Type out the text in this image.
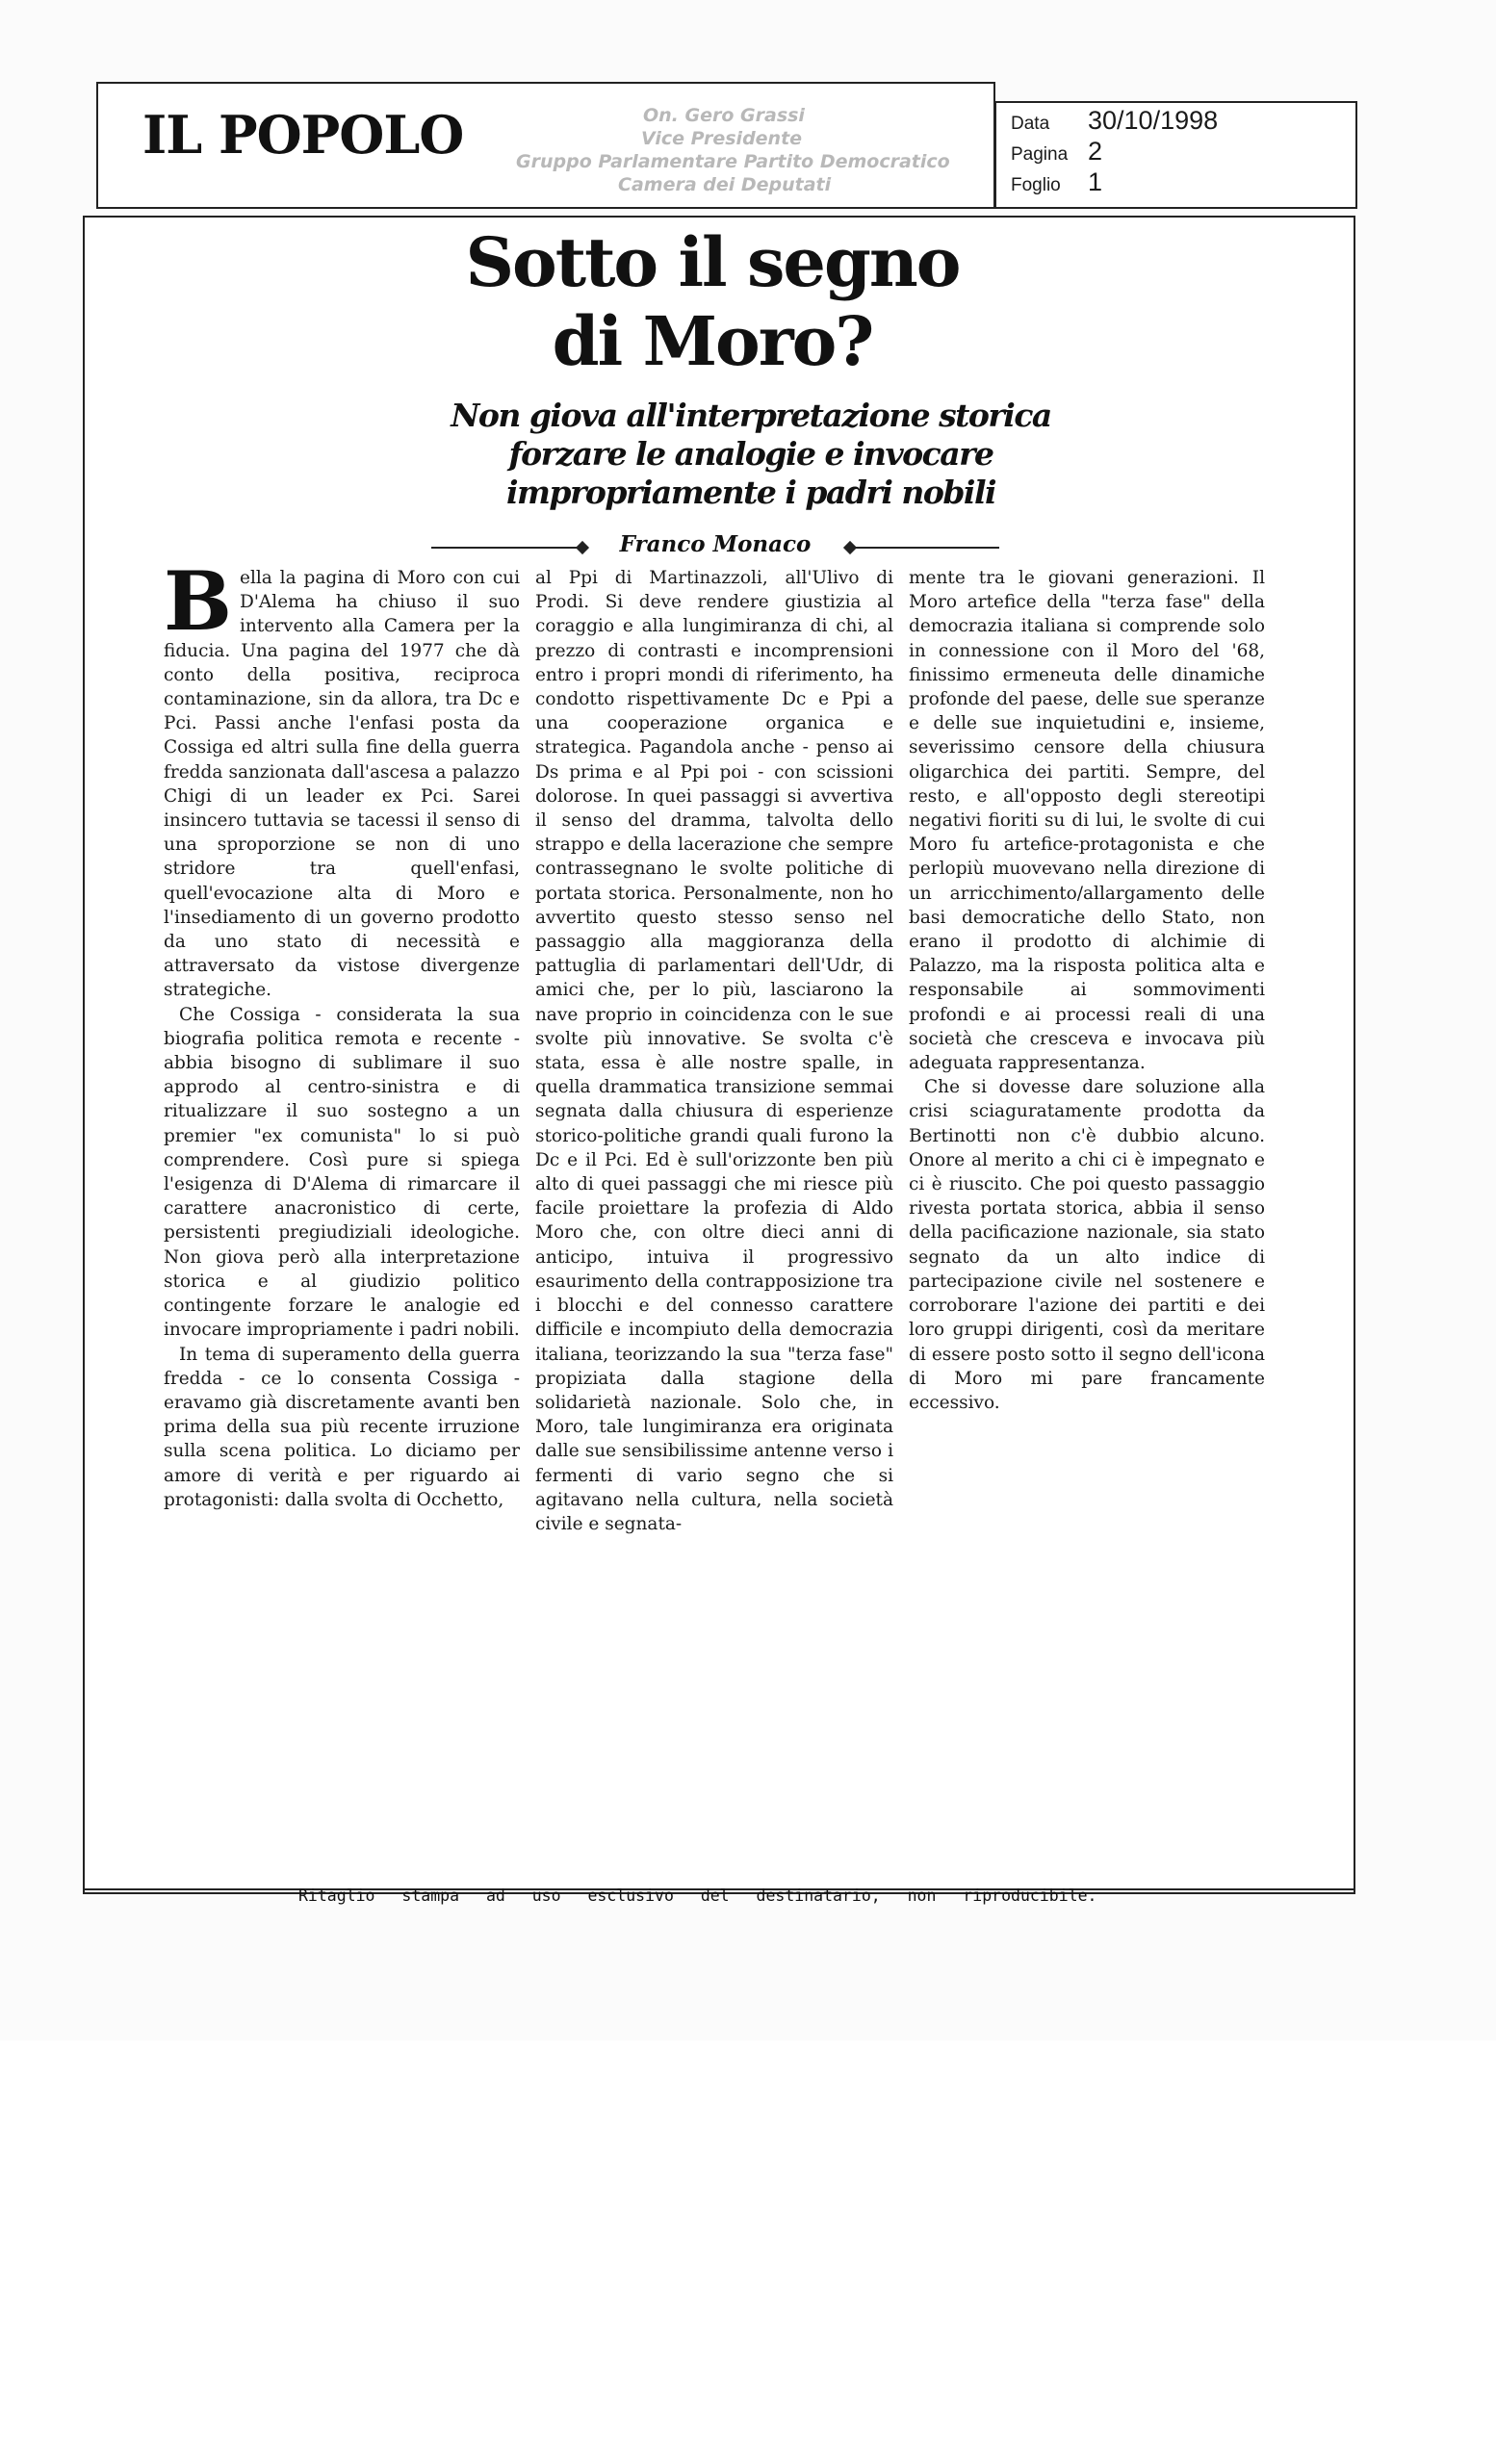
IL POPOLO	On. Gero Grassi
Vice Presidente
Gruppo Parlamentare Partito Democratico
Camera dei Deputati
Data	30/10/1998
Pagina 2
Foglio	1
Sotto il segno
di Moro?
Non giova all'interpretazione storica
forzare le analogie e invocare
impropriamente i padri nobili
Franco Monaco

Bella la pagina di Moro con cui D'Alema ha chiuso il suo intervento alla Camera per la fiducia. Una pagina del 1977 che dà conto della positiva, reciproca contaminazione, sin da allora, tra Dc e Pci. Passi anche l'enfasi posta da Cossiga ed altri sulla fine della guerra fredda sanzionata dall'ascesa a palazzo Chigi di un leader ex Pci. Sarei insincero tuttavia se tacessi il senso di una sproporzione se non di uno stridore tra quell'enfasi, quell'evocazione alta di Moro e l'insediamento di un governo prodotto da uno stato di necessità e attraversato da vistose divergenze strategiche.

Che Cossiga - considerata la sua biografia politica remota e recente - abbia bisogno di sublimare il suo approdo al centro-sinistra e di ritualizzare il suo sostegno a un premier "ex comunista" lo si può comprendere. Così pure si spiega l'esigenza di D'Alema di rimarcare il carattere anacronistico di certe, persistenti pregiudiziali ideologiche. Non giova però alla interpretazione storica e al giudizio politico contingente forzare le analogie ed invocare impropriamente i padri nobili.

In tema di superamento della guerra fredda - ce lo consenta Cossiga - eravamo già discretamente avanti ben prima della sua più recente irruzione sulla scena politica. Lo diciamo per amore di verità e per riguardo ai protagonisti: dalla svolta di Occhetto,

al Ppi di Martinazzoli, all'Ulivo di Prodi. Si deve rendere giustizia al coraggio e alla lungimiranza di chi, al prezzo di contrasti e incomprensioni entro i propri mondi di riferimento, ha condotto rispettivamente Dc e Ppi a una cooperazione organica e strategica. Pagandola anche - penso ai Ds prima e al Ppi poi - con scissioni dolorose. In quei passaggi si avvertiva il senso del dramma, talvolta dello strappo e della lacerazione che sempre contrassegnano le svolte politiche di portata storica. Personalmente, non ho avvertito questo stesso senso nel passaggio alla maggioranza della pattuglia di parlamentari dell'Udr, di amici che, per lo più, lasciarono la nave proprio in coincidenza con le sue svolte più innovative. Se svolta c'è stata, essa è alle nostre spalle, in quella drammatica transizione semmai segnata dalla chiusura di esperienze storico-politiche grandi quali furono la Dc e il Pci. Ed è sull'orizzonte ben più alto di quei passaggi che mi riesce più facile proiettare la profezia di Aldo Moro che, con oltre dieci anni di anticipo, intuiva il progressivo esaurimento della contrapposizione tra i blocchi e del connesso carattere difficile e incompiuto della democrazia italiana, teorizzando la sua "terza fase" propiziata dalla stagione della solidarietà nazionale. Solo che, in Moro, tale lungimiranza era originata dalle sue sensibilissime antenne verso i fermenti di vario segno che si agitavano nella cultura, nella società civile e segnata-

mente tra le giovani generazioni. Il Moro artefice della "terza fase" della democrazia italiana si comprende solo in connessione con il Moro del '68, finissimo ermeneuta delle dinamiche profonde del paese, delle sue speranze e delle sue inquietudini e, insieme, severissimo censore della chiusura oligarchica dei partiti. Sempre, del resto, e all'opposto degli stereotipi negativi fioriti su di lui, le svolte di cui Moro fu artefice-protagonista e che perlopiù muovevano nella direzione di un arricchimento/allargamento delle basi democratiche dello Stato, non erano il prodotto di alchimie di Palazzo, ma la risposta politica alta e responsabile ai sommovimenti profondi e ai processi reali di una società che cresceva e invocava più adeguata rappresentanza.

Che si dovesse dare soluzione alla crisi sciaguratamente prodotta da Bertinotti non c'è dubbio alcuno. Onore al merito a chi ci è impegnato e ci è riuscito. Che poi questo passaggio rivesta portata storica, abbia il senso della pacificazione nazionale, sia stato segnato da un alto indice di partecipazione civile nel sostenere e corroborare l'azione dei partiti e dei loro gruppi dirigenti, così da meritare di essere posto sotto il segno dell'icona di Moro mi pare francamente eccessivo.

Ritaglio stampa ad uso esclusivo del destinatario, non riproducibile.
